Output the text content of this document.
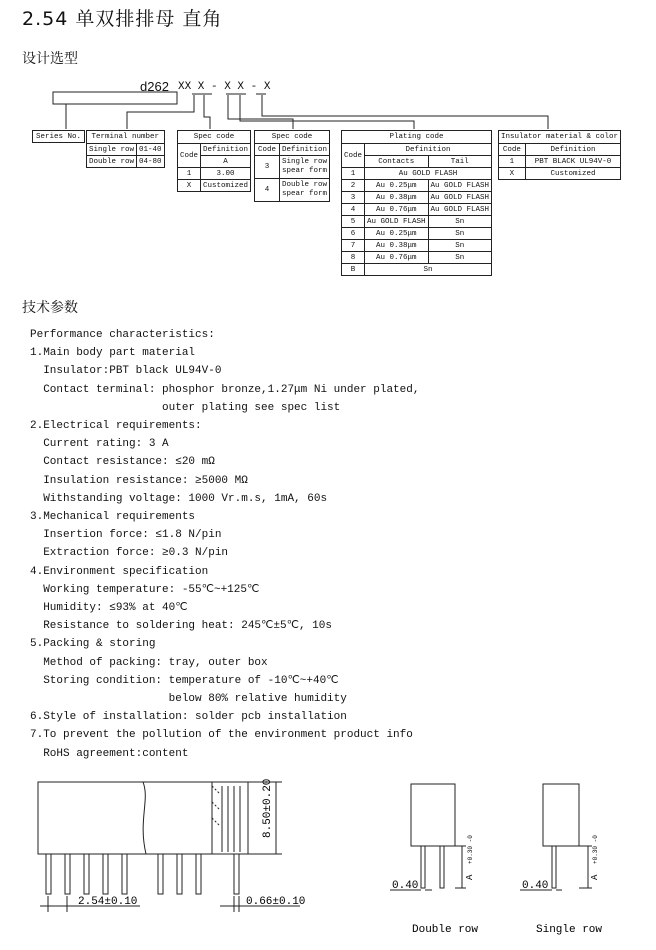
2.54 单双排排母 直角
设计选型
d262 XX X - X X - X
Series No. Terminal number	
Single row	01-40
Double row	04-80
Spec code	
Code	Definition
	A
1	3.00
X	Customized
Spec code	
Code	Definition
3	Single row spear form
4	Double row spear form
Plating code		
Code	Definition	
	Contacts	Tail
1	Au GOLD FLASH	
2	Au 0.25μm	Au GOLD FLASH
3	Au 0.38μm	Au GOLD FLASH
4	Au 0.76μm	Au GOLD FLASH
5	Au GOLD FLASH	Sn
6	Au 0.25μm	Sn
7	Au 0.38μm	Sn
8	Au 0.76μm	Sn
B	Sn	
Insulator material & color	
Code	Definition
1	PBT BLACK UL94V-0
X	Customized
技术参数
Performance characteristics:
1.Main body part material
Insulator:PBT black UL94V-0
Contact terminal: phosphor bronze,1.27μm Ni under plated,
outer plating see spec list
2.Electrical requirements:
Current rating: 3 A
Contact resistance: ≤20 mΩ
Insulation resistance: ≥5000 MΩ
Withstanding voltage: 1000 Vr.m.s, 1mA, 60s
3.Mechanical requirements
Insertion force: ≤1.8 N/pin
Extraction force: ≥0.3 N/pin
4.Environment specification
Working temperature: -55℃~+125℃
Humidity: ≤93% at 40℃
Resistance to soldering heat: 245℃±5℃, 10s
5.Packing & storing
Method of packing: tray, outer box
Storing condition: temperature of -10℃~+40℃
below 80% relative humidity
6.Style of installation: solder pcb installation
7.To prevent the pollution of the environment product info
RoHS agreement:content
8.50±0.20
2.54±0.10	0.66±0.10
A
+0.30 -0
A
+0.30 -0
0.40	0.40
Double row	Single row
